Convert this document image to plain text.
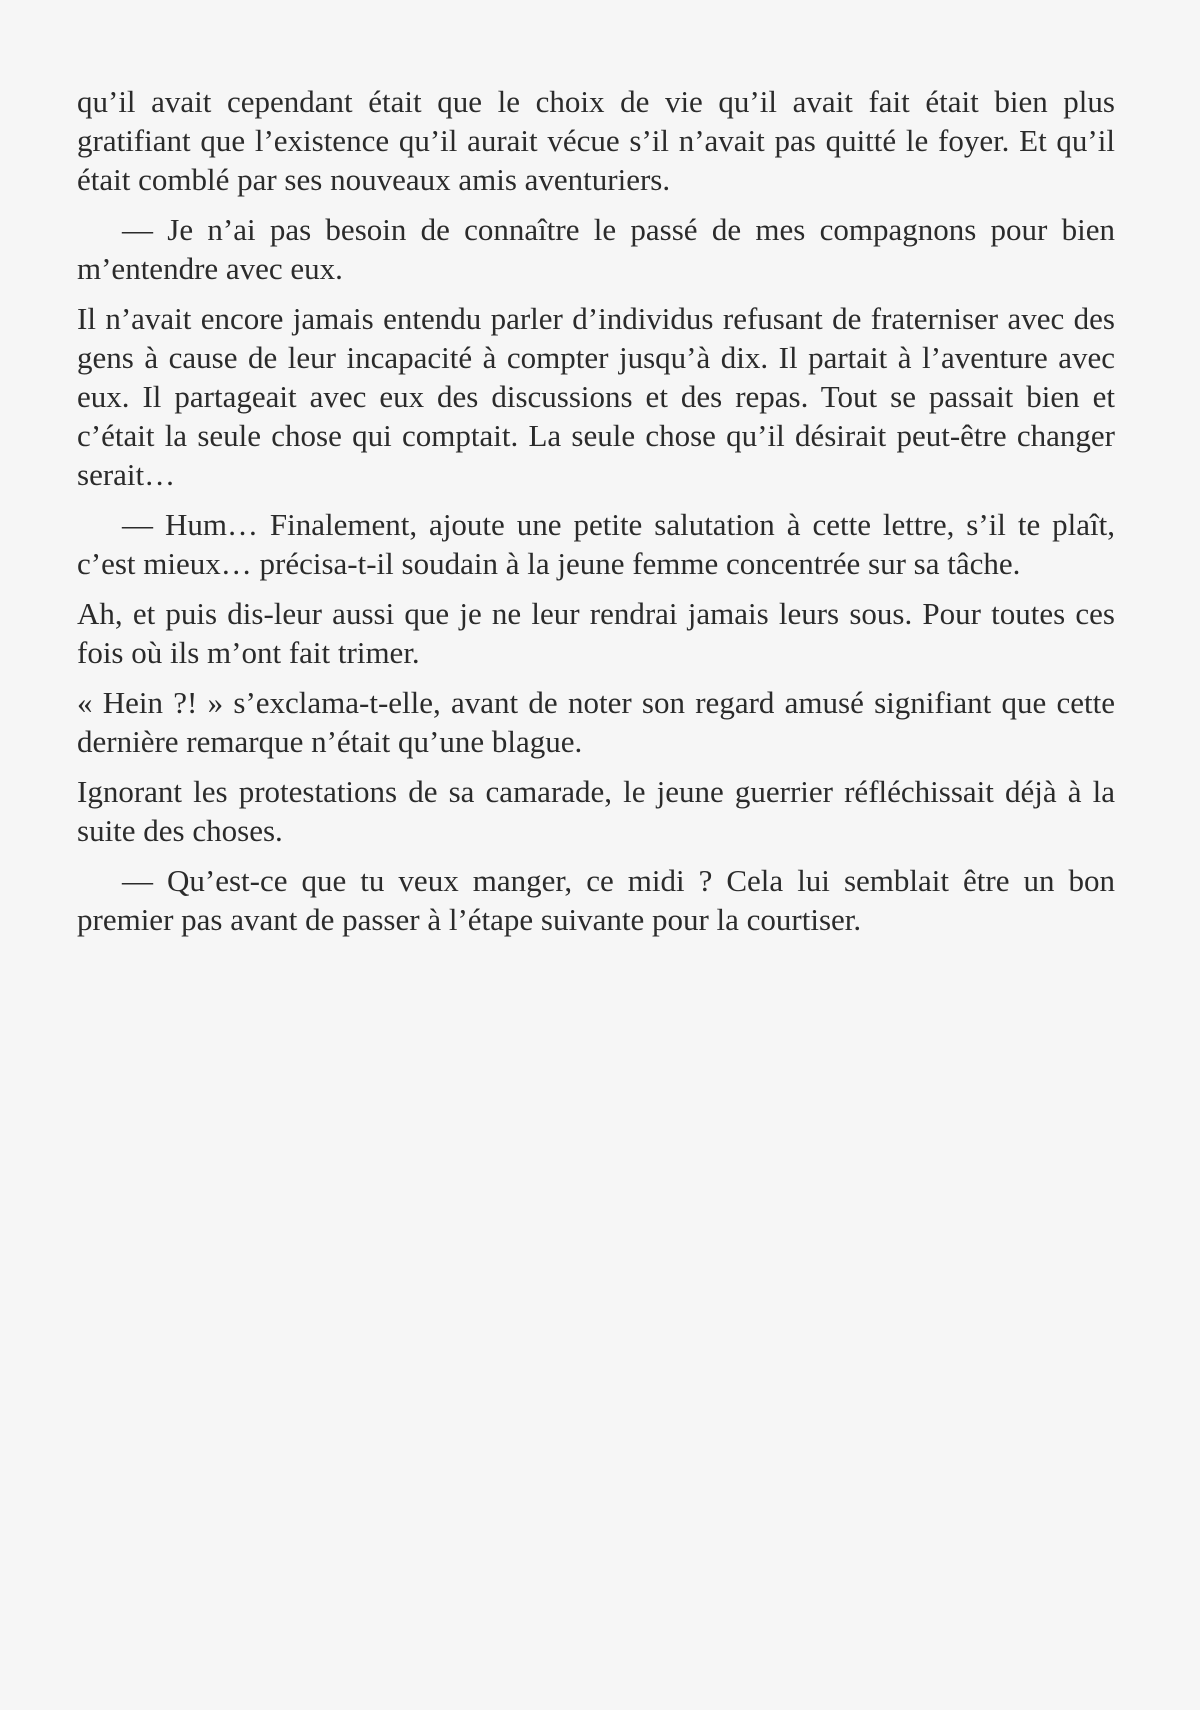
qu’il avait cependant était que le choix de vie qu’il avait fait était bien plus gratifiant que l’existence qu’il aurait vécue s’il n’avait pas quitté le foyer. Et qu’il était comblé par ses nouveaux amis aventuriers.

— Je n’ai pas besoin de connaître le passé de mes compagnons pour bien m’entendre avec eux.

Il n’avait encore jamais entendu parler d’individus refusant de fraterniser avec des gens à cause de leur incapacité à compter jusqu’à dix. Il partait à l’aventure avec eux. Il partageait avec eux des discussions et des repas. Tout se passait bien et c’était la seule chose qui comptait. La seule chose qu’il désirait peut-être changer serait…

— Hum… Finalement, ajoute une petite salutation à cette lettre, s’il te plaît, c’est mieux… précisa-t-il soudain à la jeune femme concentrée sur sa tâche.

Ah, et puis dis-leur aussi que je ne leur rendrai jamais leurs sous. Pour toutes ces fois où ils m’ont fait trimer.

« Hein ?! » s’exclama-t-elle, avant de noter son regard amusé signifiant que cette dernière remarque n’était qu’une blague.

Ignorant les protestations de sa camarade, le jeune guerrier réfléchissait déjà à la suite des choses.

— Qu’est-ce que tu veux manger, ce midi ? Cela lui semblait être un bon premier pas avant de passer à l’étape suivante pour la courtiser.
